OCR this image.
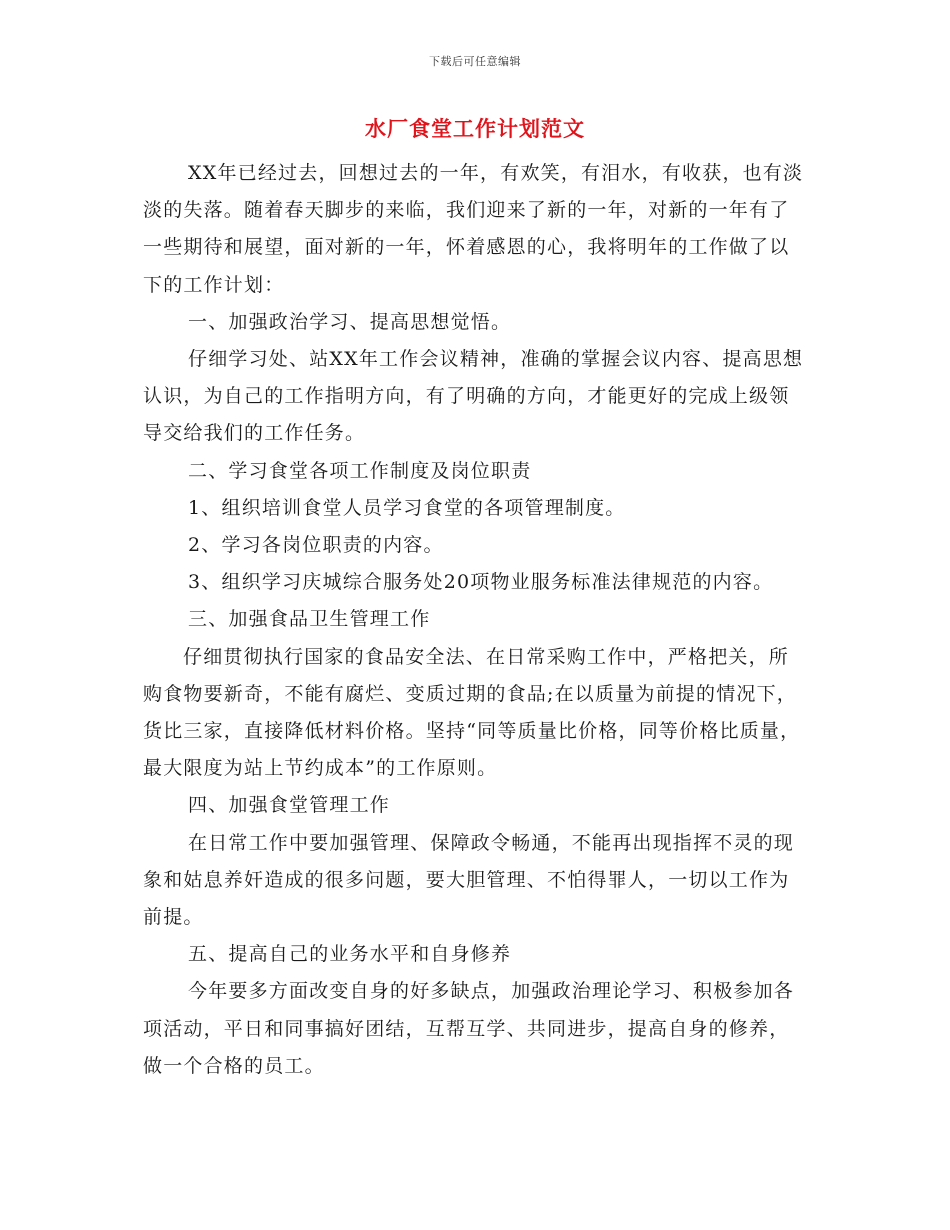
下载后可任意编辑
水厂食堂工作计划范文

XX年已经过去，回想过去的一年，有欢笑，有泪水，有收获，也有淡淡的失落。随着春天脚步的来临，我们迎来了新的一年，对新的一年有了一些期待和展望，面对新的一年，怀着感恩的心，我将明年的工作做了以下的工作计划：

一、加强政治学习、提高思想觉悟。

仔细学习处、站XX年工作会议精神，准确的掌握会议内容、提高思想认识，为自己的工作指明方向，有了明确的方向，才能更好的完成上级领导交给我们的工作任务。

二、学习食堂各项工作制度及岗位职责

1、组织培训食堂人员学习食堂的各项管理制度。

2、学习各岗位职责的内容。

3、组织学习庆城综合服务处20项物业服务标准法律规范的内容。

三、加强食品卫生管理工作

仔细贯彻执行国家的食品安全法、在日常采购工作中，严格把关，所购食物要新奇，不能有腐烂、变质过期的食品;在以质量为前提的情况下，货比三家，直接降低材料价格。坚持“同等质量比价格，同等价格比质量， 最大限度为站上节约成本”的工作原则。

四、加强食堂管理工作

在日常工作中要加强管理、保障政令畅通，不能再出现指挥不灵的现象和姑息养奸造成的很多问题，要大胆管理、不怕得罪人，一切以工作为前提。

五、提高自己的业务水平和自身修养

今年要多方面改变自身的好多缺点，加强政治理论学习、积极参加各项活动，平日和同事搞好团结，互帮互学、共同进步，提高自身的修养，做一个合格的员工。
